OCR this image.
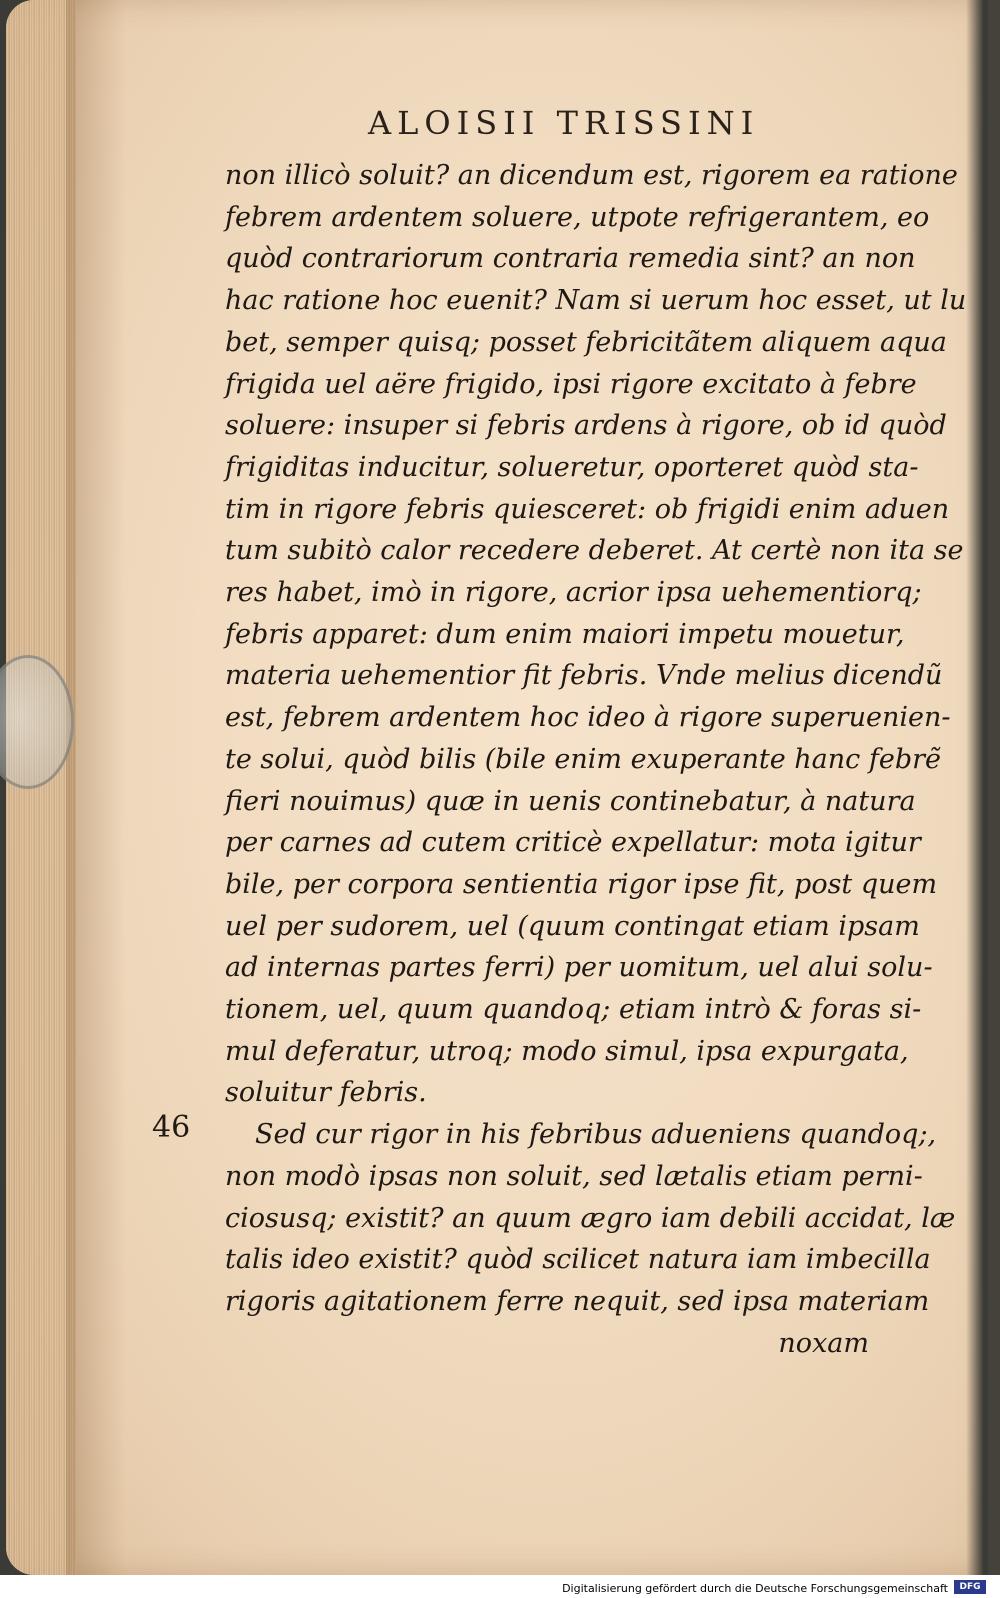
ALOISII TRISSINI
46
non illicò soluit? an dicendum est, rigorem ea ratione
febrem ardentem soluere, utpote refrigerantem, eo
quòd contrariorum contraria remedia sint? an non
hac ratione hoc euenit? Nam si uerum hoc esset, ut lu
bet, semper quisq; posset febricitãtem aliquem aqua
frigida uel aëre frigido, ipsi rigore excitato à febre
soluere: insuper si febris ardens à rigore, ob id quòd
frigiditas inducitur, solueretur, oporteret quòd sta-
tim in rigore febris quiesceret: ob frigidi enim aduen
tum subitò calor recedere deberet. At certè non ita se
res habet, imò in rigore, acrior ipsa uehementiorq;
febris apparet: dum enim maiori impetu mouetur,
materia uehementior fit febris. Vnde melius dicendũ
est, febrem ardentem hoc ideo à rigore superuenien-
te solui, quòd bilis (bile enim exuperante hanc febrẽ
fieri nouimus) quæ in uenis continebatur, à natura
per carnes ad cutem criticè expellatur: mota igitur
bile, per corpora sentientia rigor ipse fit, post quem
uel per sudorem, uel (quum contingat etiam ipsam
ad internas partes ferri) per uomitum, uel alui solu-
tionem, uel, quum quandoq; etiam intrò & foras si-
mul deferatur, utroq; modo simul, ipsa expurgata,
soluitur febris.
Sed cur rigor in his febribus adueniens quandoq;,
non modò ipsas non soluit, sed lætalis etiam perni-
ciosusq; existit? an quum ægro iam debili accidat, læ
talis ideo existit? quòd scilicet natura iam imbecilla
rigoris agitationem ferre nequit, sed ipsa materiam
noxam
Digitalisierung gefördert durch die Deutsche Forschungsgemeinschaft	DFG
